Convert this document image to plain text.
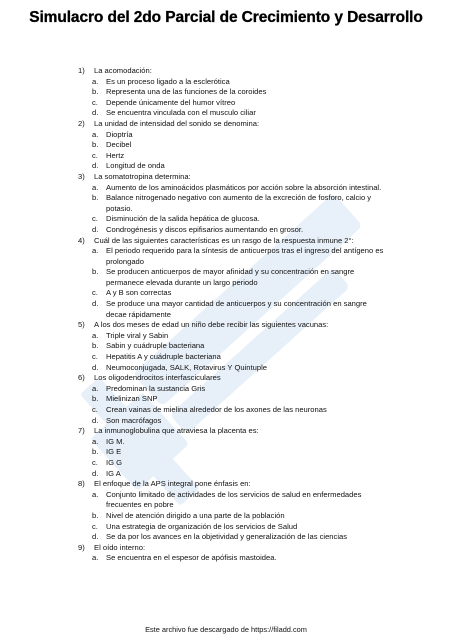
Simulacro del 2do Parcial de Crecimiento y Desarrollo
1) La acomodación:
a. Es un proceso ligado a la esclerótica
b. Representa una de las funciones de la coroides
c. Depende únicamente del humor vítreo
d. Se encuentra vinculada con el musculo ciliar
2) La unidad de intensidad del sonido se denomina:
a. Dioptría
b. Decibel
c. Hertz
d. Longitud de onda
3) La somatotropina determina:
a. Aumento de los aminoácidos plasmáticos por acción sobre la absorción intestinal.
b. Balance nitrogenado negativo con aumento de la excreción de fosforo, calcio y potasio.
c. Disminución de la salida hepática de glucosa.
d. Condrogénesis y discos epifisarios aumentando en grosor.
4) Cuál de las siguientes características es un rasgo de la respuesta inmune 2°:
a. El periodo requerido para la síntesis de anticuerpos tras el ingreso del antígeno es prolongado
b. Se producen anticuerpos de mayor afinidad y su concentración en sangre permanece elevada durante un largo periodo
c. A y B son correctas
d. Se produce una mayor cantidad de anticuerpos y su concentración en sangre decae rápidamente
5) A los dos meses de edad un niño debe recibir las siguientes vacunas:
a. Triple viral y Sabin
b. Sabin y cuádruple bacteriana
c. Hepatitis A y cuádruple bacteriana
d. Neumoconjugada, SALK, Rotavirus Y Quintuple
6) Los oligodendrocitos interfasciculares
a. Predominan la sustancia Gris
b. Mielinizan SNP
c. Crean vainas de mielina alrededor de los axones de las neuronas
d. Son macrófagos
7) La inmunoglobulina que atraviesa la placenta es:
a. IG M.
b. IG E
c. IG G
d. IG A
8) El enfoque de la APS integral pone énfasis en:
a. Conjunto limitado de actividades de los servicios de salud en enfermedades frecuentes en pobre
b. Nivel de atención dirigido a una parte de la población
c. Una estrategia de organización de los servicios de Salud
d. Se da por los avances en la objetividad y generalización de las ciencias
9) El oído interno:
a. Se encuentra en el espesor de apófisis mastoidea.
Este archivo fue descargado de https://filadd.com
